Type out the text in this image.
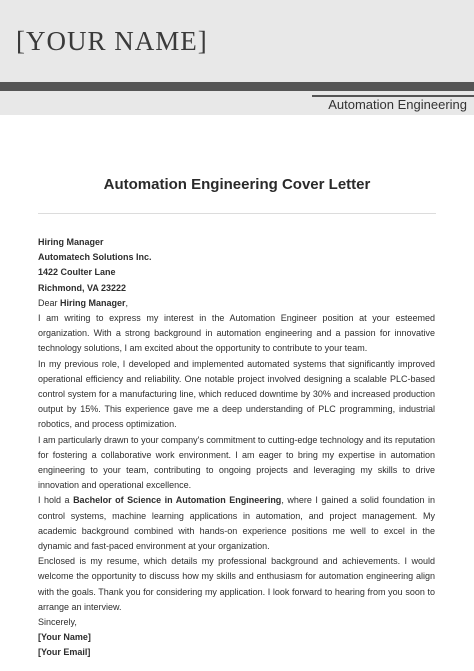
[YOUR NAME]
Automation Engineering
Automation Engineering Cover Letter

Hiring Manager

Automatech Solutions Inc.

1422 Coulter Lane

Richmond, VA 23222

Dear Hiring Manager,

I am writing to express my interest in the Automation Engineer position at your esteemed organization. With a strong background in automation engineering and a passion for innovative technology solutions, I am excited about the opportunity to contribute to your team.

In my previous role, I developed and implemented automated systems that significantly improved operational efficiency and reliability. One notable project involved designing a scalable PLC-based control system for a manufacturing line, which reduced downtime by 30% and increased production output by 15%. This experience gave me a deep understanding of PLC programming, industrial robotics, and process optimization.

I am particularly drawn to your company's commitment to cutting-edge technology and its reputation for fostering a collaborative work environment. I am eager to bring my expertise in automation engineering to your team, contributing to ongoing projects and leveraging my skills to drive innovation and operational excellence.

I hold a Bachelor of Science in Automation Engineering, where I gained a solid foundation in control systems, machine learning applications in automation, and project management. My academic background combined with hands-on experience positions me well to excel in the dynamic and fast-paced environment at your organization.

Enclosed is my resume, which details my professional background and achievements. I would welcome the opportunity to discuss how my skills and enthusiasm for automation engineering align with the goals. Thank you for considering my application. I look forward to hearing from you soon to arrange an interview.

Sincerely,

[Your Name]

[Your Email]
